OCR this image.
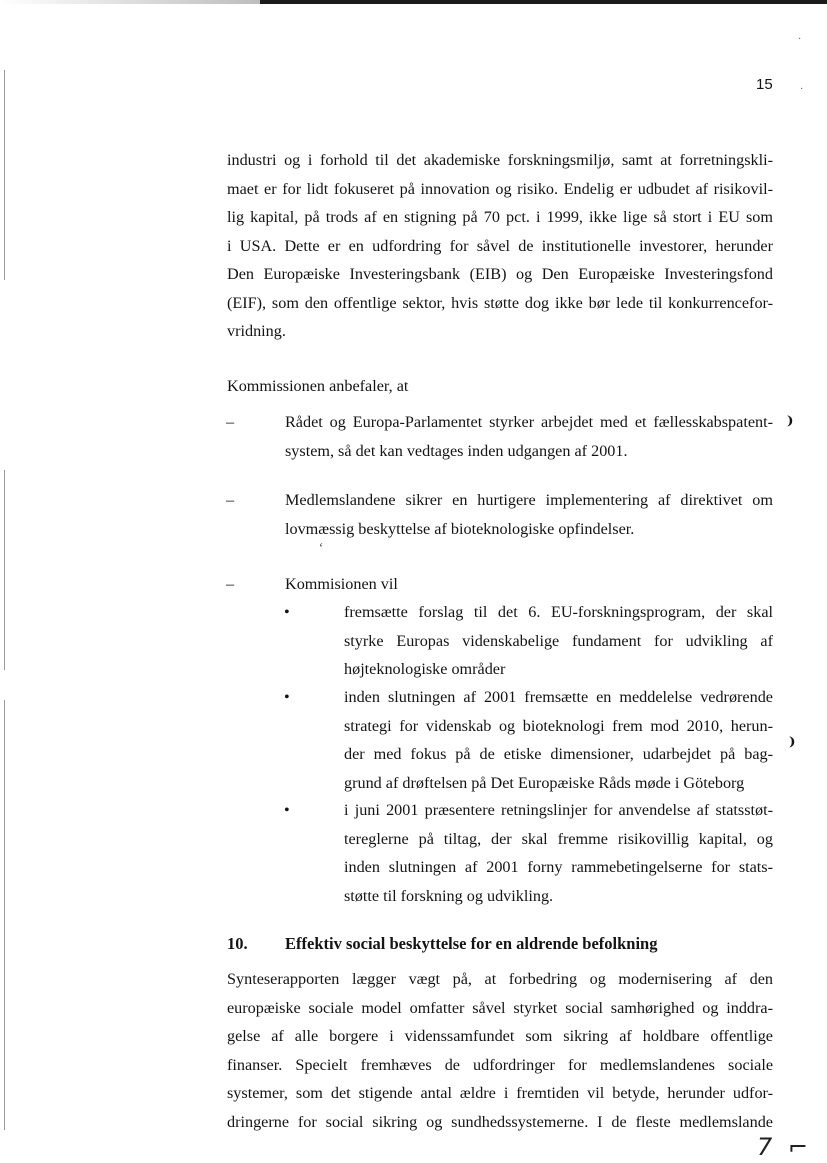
·
·
15

industri og i forhold til det akademiske forskningsmiljø, samt at forretningskli-
maet er for lidt fokuseret på innovation og risiko. Endelig er udbudet af risikovil-
lig kapital, på trods af en stigning på 70 pct. i 1999, ikke lige så stort i EU som
i USA. Dette er en udfordring for såvel de institutionelle investorer, herunder
Den Europæiske Investeringsbank (EIB) og Den Europæiske Investeringsfond
(EIF), som den offentlige sektor, hvis støtte dog ikke bør lede til konkurrencefor-
vridning.

Kommissionen anbefaler, at

–	Rådet og Europa-Parlamentet styrker arbejdet med et fællesskabspatent-
system, så det kan vedtages inden udgangen af 2001.

–	Medlemslandene sikrer en hurtigere implementering af direktivet om
lovmæssig beskyttelse af bioteknologiske opfindelser.

ʻ
–	Kommisionen vil

•	fremsætte forslag til det 6. EU-forskningsprogram, der skal
styrke Europas videnskabelige fundament for udvikling af
højteknologiske områder

•	inden slutningen af 2001 fremsætte en meddelelse vedrørende
strategi for videnskab og bioteknologi frem mod 2010, herun-
der med fokus på de etiske dimensioner, udarbejdet på bag-
grund af drøftelsen på Det Europæiske Råds møde i Göteborg

•	i juni 2001 præsentere retningslinjer for anvendelse af statsstøt-
tereglerne på tiltag, der skal fremme risikovillig kapital, og
inden slutningen af 2001 forny rammebetingelserne for stats-
støtte til forskning og udvikling.

10. Effektiv social beskyttelse for en aldrende befolkning

Synteserapporten lægger vægt på, at forbedring og modernisering af den
europæiske sociale model omfatter såvel styrket social samhørighed og inddra-
gelse af alle borgere i videnssamfundet som sikring af holdbare offentlige
finanser. Specielt fremhæves de udfordringer for medlemslandenes sociale
systemer, som det stigende antal ældre i fremtiden vil betyde, herunder udfor-
dringerne for social sikring og sundhedssystemerne. I de fleste medlemslande

⁾
⁾
7 ⌐
